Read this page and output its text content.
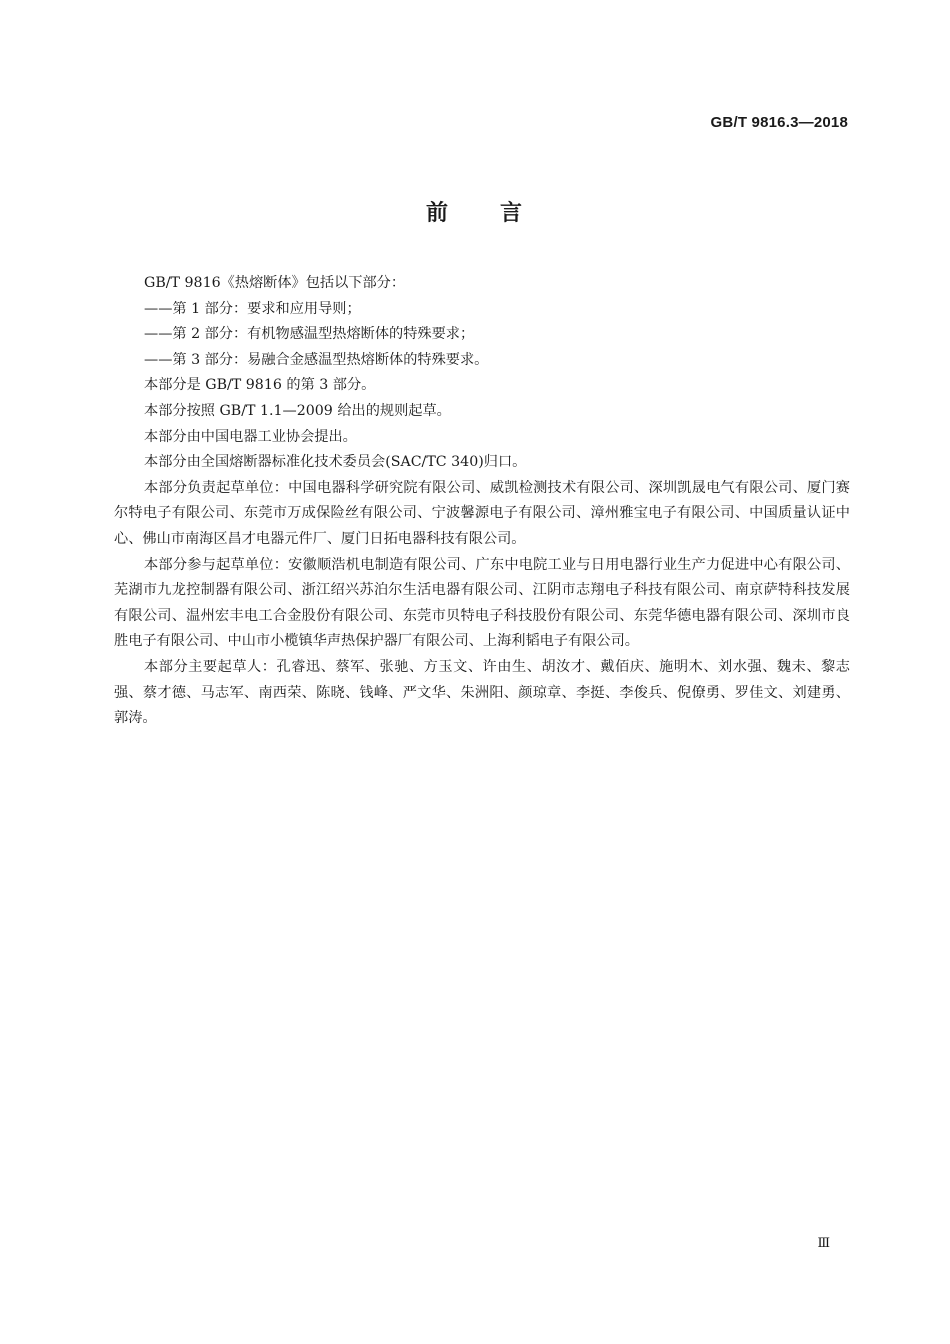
GB/T 9816.3—2018
前 言

GB/T 9816《热熔断体》包括以下部分：

——第 1 部分：要求和应用导则；

——第 2 部分：有机物感温型热熔断体的特殊要求；

——第 3 部分：易融合金感温型热熔断体的特殊要求。

本部分是 GB/T 9816 的第 3 部分。

本部分按照 GB/T 1.1—2009 给出的规则起草。

本部分由中国电器工业协会提出。

本部分由全国熔断器标准化技术委员会(SAC/TC 340)归口。

本部分负责起草单位：中国电器科学研究院有限公司、威凯检测技术有限公司、深圳凯晟电气有限公司、厦门赛尔特电子有限公司、东莞市万成保险丝有限公司、宁波馨源电子有限公司、漳州雅宝电子有限公司、中国质量认证中心、佛山市南海区昌才电器元件厂、厦门日拓电器科技有限公司。

本部分参与起草单位：安徽顺浩机电制造有限公司、广东中电院工业与日用电器行业生产力促进中心有限公司、芜湖市九龙控制器有限公司、浙江绍兴苏泊尔生活电器有限公司、江阴市志翔电子科技有限公司、南京萨特科技发展有限公司、温州宏丰电工合金股份有限公司、东莞市贝特电子科技股份有限公司、东莞华德电器有限公司、深圳市良胜电子有限公司、中山市小榄镇华声热保护器厂有限公司、上海利韬电子有限公司。

本部分主要起草人：孔睿迅、蔡军、张驰、方玉文、许由生、胡汝才、戴佰庆、施明木、刘水强、魏未、黎志强、蔡才德、马志军、南西荣、陈晓、钱峰、严文华、朱洲阳、颜琼章、李挺、李俊兵、倪僚勇、罗佳文、刘建勇、郭涛。

Ⅲ
